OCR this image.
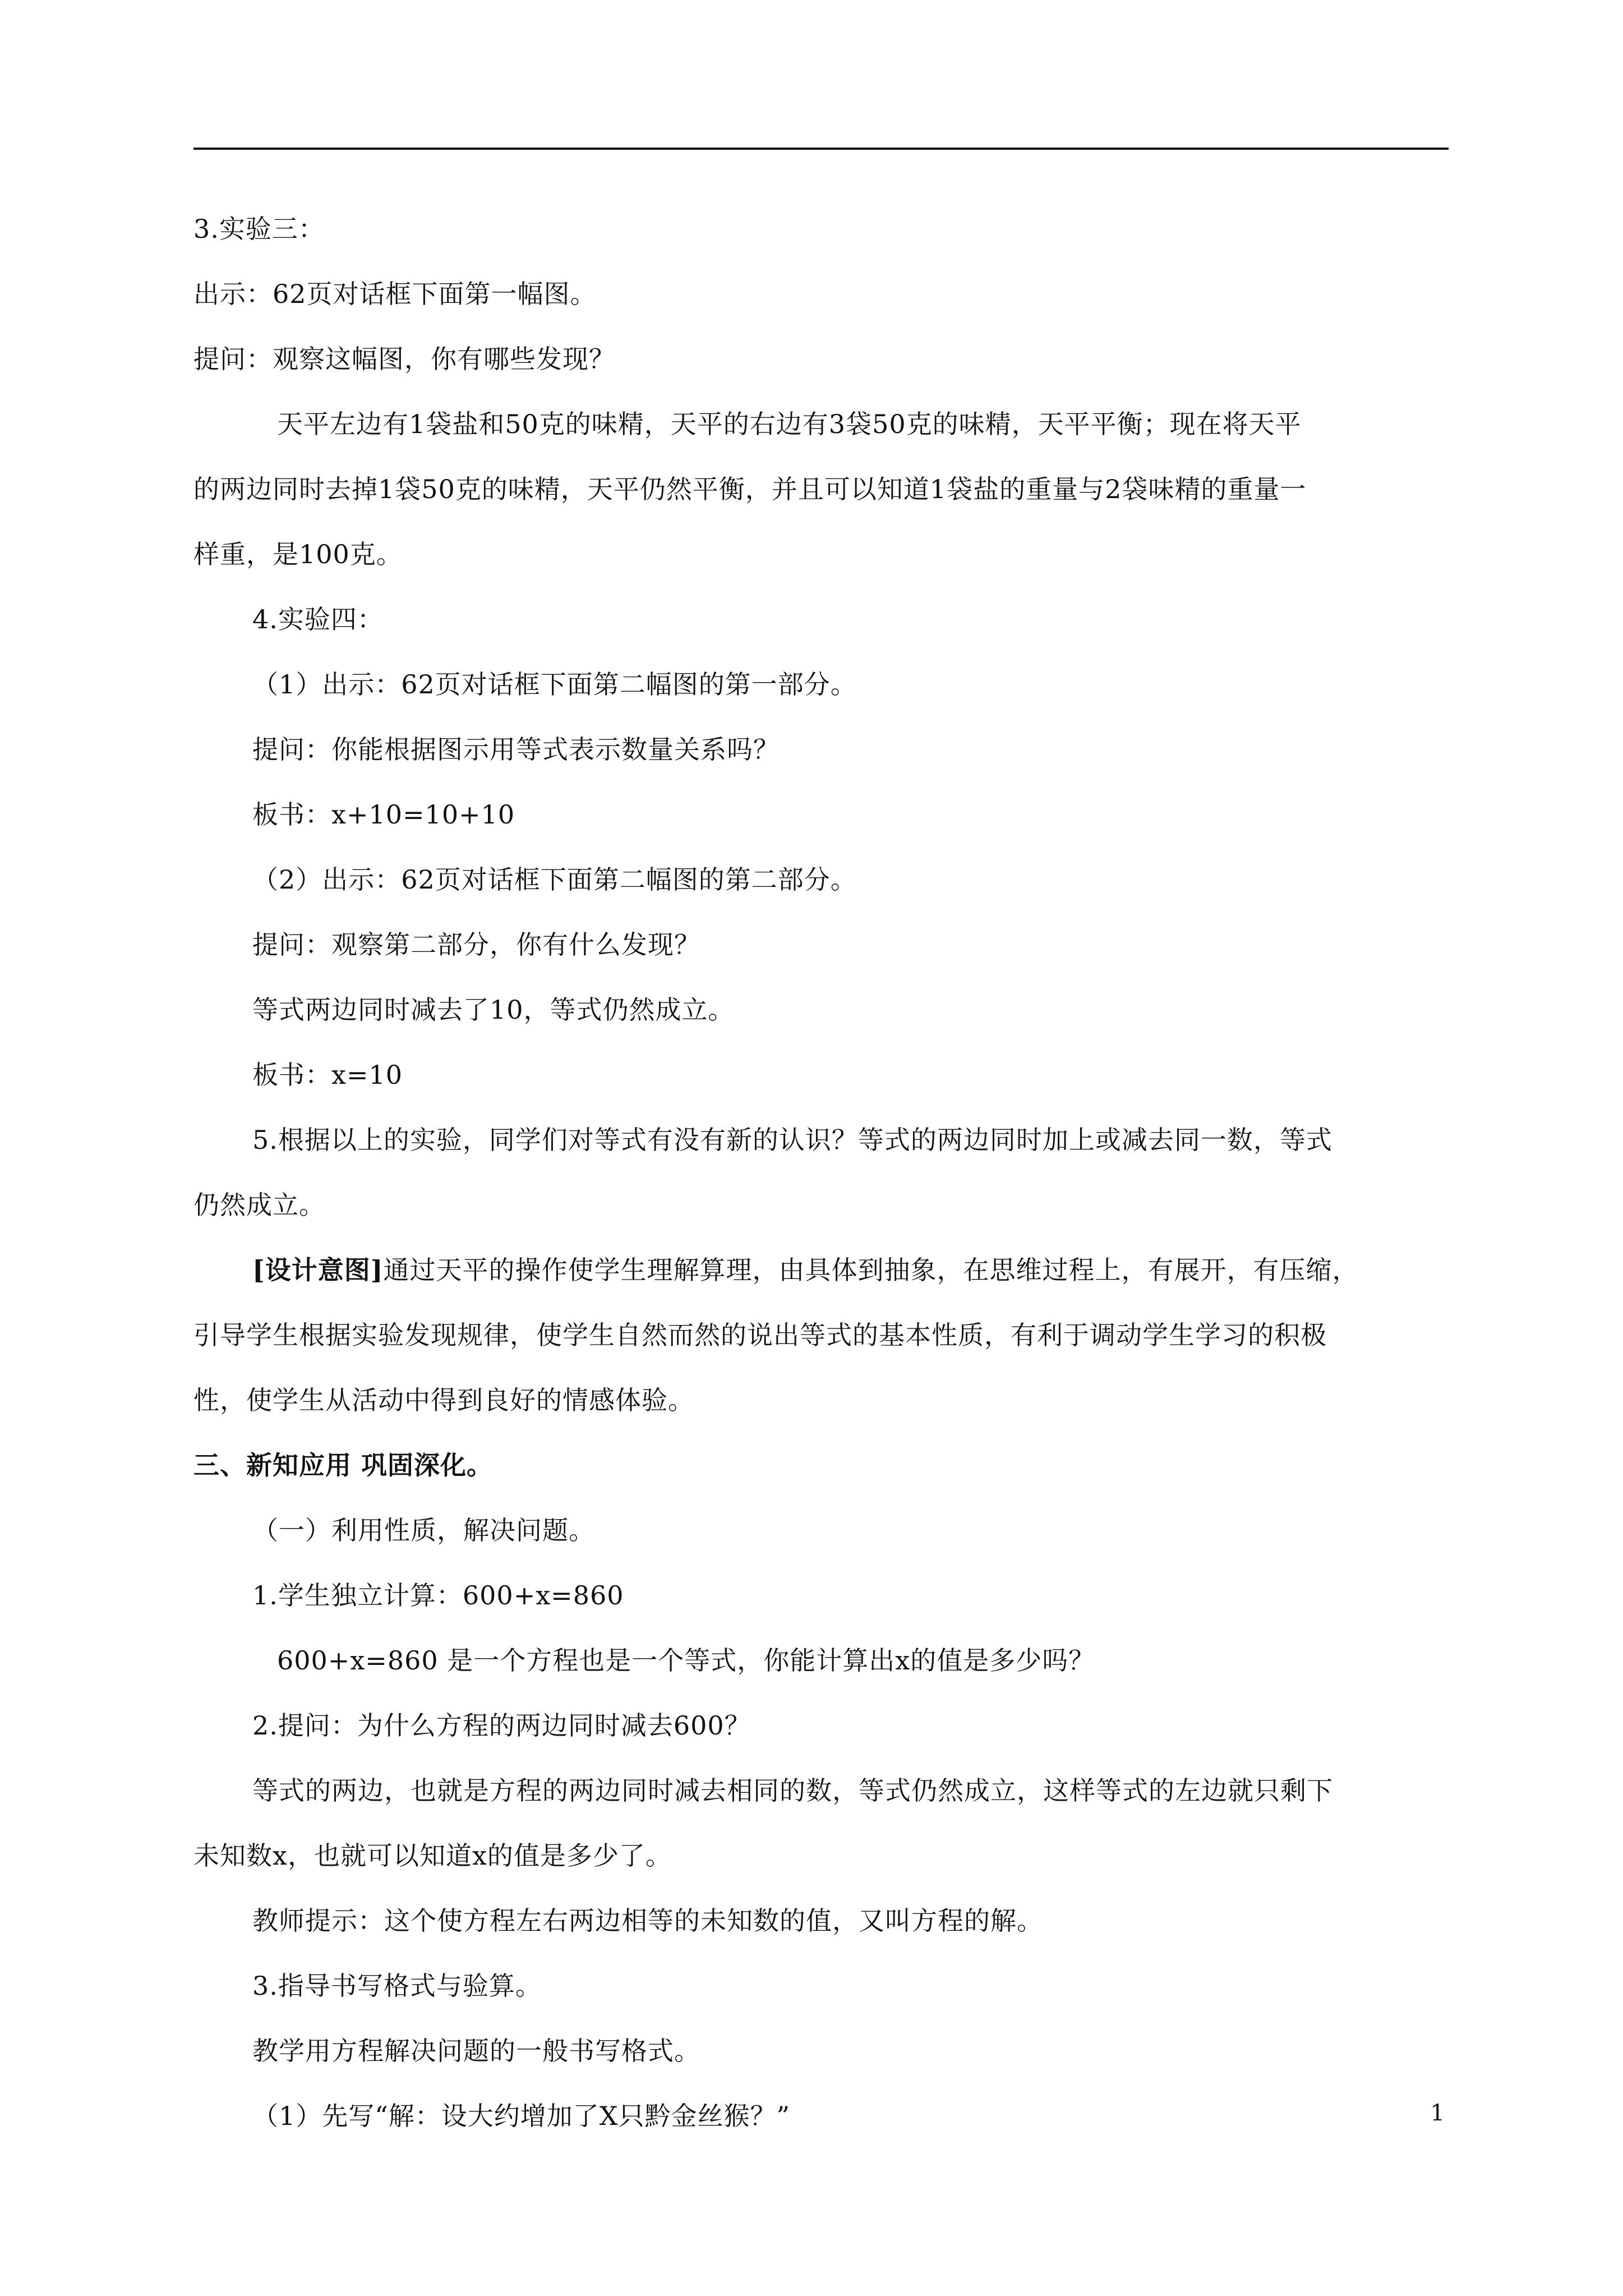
3.实验三：
出示：62页对话框下面第一幅图。
提问：观察这幅图，你有哪些发现？
天平左边有1袋盐和50克的味精，天平的右边有3袋50克的味精，天平平衡；现在将天平
的两边同时去掉1袋50克的味精，天平仍然平衡，并且可以知道1袋盐的重量与2袋味精的重量一
样重，是100克。
4.实验四：
（1）出示：62页对话框下面第二幅图的第一部分。
提问：你能根据图示用等式表示数量关系吗？
板书：x+10=10+10
（2）出示：62页对话框下面第二幅图的第二部分。
提问：观察第二部分，你有什么发现？
等式两边同时减去了10，等式仍然成立。
板书：x=10
5.根据以上的实验，同学们对等式有没有新的认识？等式的两边同时加上或减去同一数，等式
仍然成立。
[设计意图]通过天平的操作使学生理解算理，由具体到抽象，在思维过程上，有展开，有压缩，
引导学生根据实验发现规律，使学生自然而然的说出等式的基本性质，有利于调动学生学习的积极
性，使学生从活动中得到良好的情感体验。
三、新知应用 巩固深化。
（一）利用性质，解决问题。
1.学生独立计算：600+x=860
600+x=860 是一个方程也是一个等式，你能计算出x的值是多少吗？
2.提问：为什么方程的两边同时减去600？
等式的两边，也就是方程的两边同时减去相同的数，等式仍然成立，这样等式的左边就只剩下
未知数x，也就可以知道x的值是多少了。
教师提示：这个使方程左右两边相等的未知数的值，又叫方程的解。
3.指导书写格式与验算。
教学用方程解决问题的一般书写格式。
（1）先写“解：设大约增加了X只黔金丝猴？”	1
